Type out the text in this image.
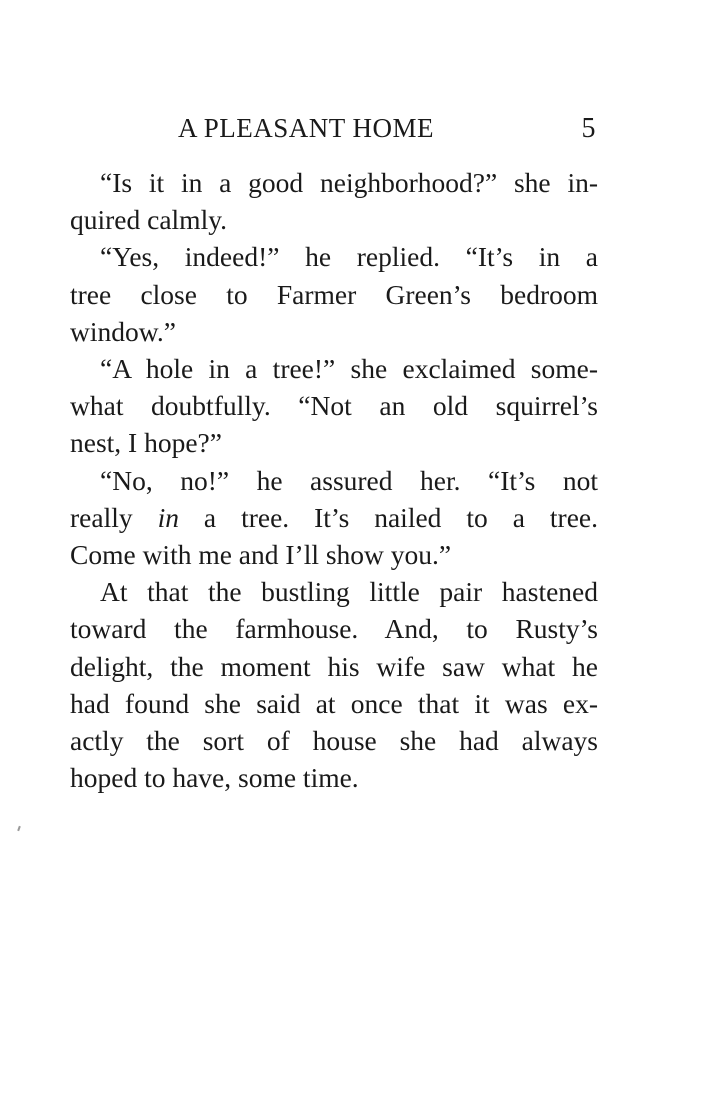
A PLEASANT HOME	5

“Is it in a good neighborhood?” she in-
quired calmly.

“Yes, indeed!” he replied. “It’s in a
tree close to Farmer Green’s bedroom
window.”

“A hole in a tree!” she exclaimed some-
what doubtfully. “Not an old squirrel’s
nest, I hope?”

“No, no!” he assured her. “It’s not
really in a tree. It’s nailed to a tree.
Come with me and I’ll show you.”

At that the bustling little pair hastened
toward the farmhouse. And, to Rusty’s
delight, the moment his wife saw what he
had found she said at once that it was ex-
actly the sort of house she had always
hoped to have, some time.
